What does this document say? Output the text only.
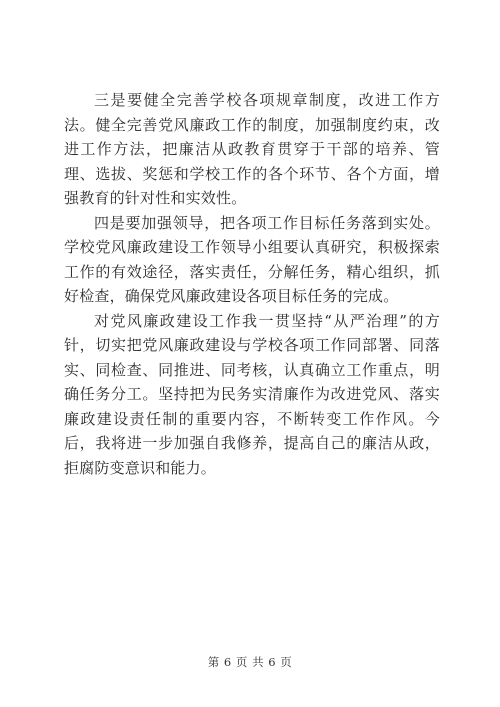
三是要健全完善学校各项规章制度，改进工作方法。健全完善党风廉政工作的制度，加强制度约束，改进工作方法，把廉洁从政教育贯穿于干部的培养、管理、选拔、奖惩和学校工作的各个环节、各个方面，增强教育的针对性和实效性。

四是要加强领导，把各项工作目标任务落到实处。学校党风廉政建设工作领导小组要认真研究，积极探索工作的有效途径，落实责任，分解任务，精心组织，抓好检查，确保党风廉政建设各项目标任务的完成。

对党风廉政建设工作我一贯坚持“从严治理”的方针，切实把党风廉政建设与学校各项工作同部署、同落实、同检查、同推进、同考核，认真确立工作重点，明确任务分工。坚持把为民务实清廉作为改进党风、落实廉政建设责任制的重要内容，不断转变工作作风。今后，我将进一步加强自我修养，提高自己的廉洁从政，拒腐防变意识和能力。

第 6 页 共 6 页
